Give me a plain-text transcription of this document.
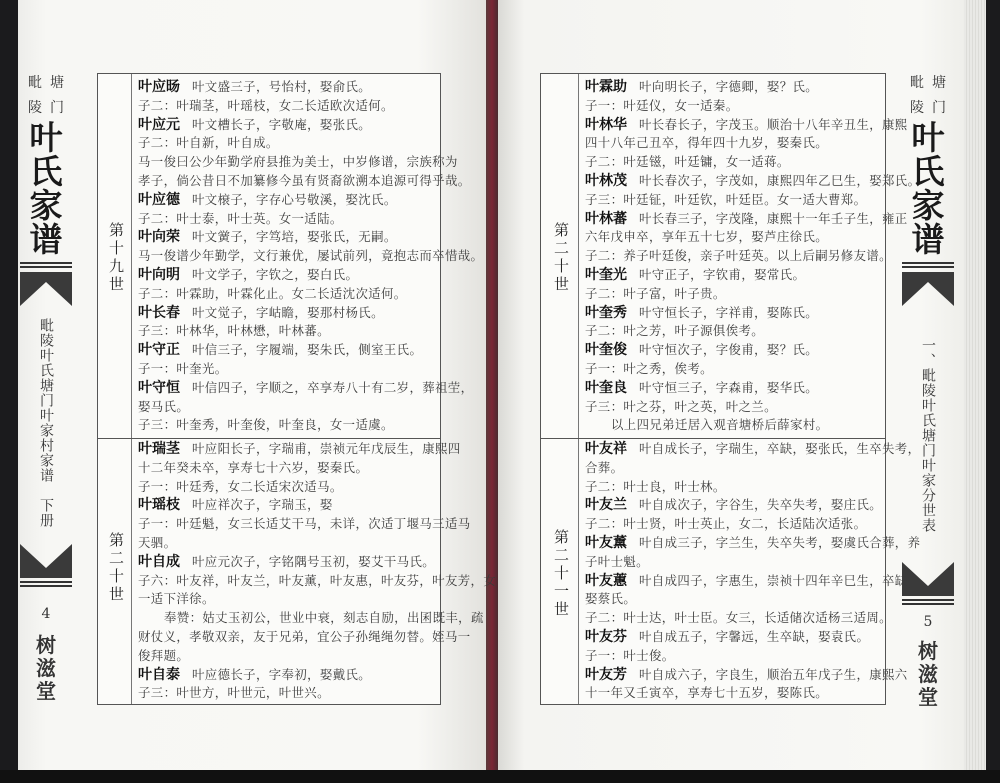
毗塘
陵门
叶
氏
家
谱
毗陵叶氏塘门叶家村家谱　下册
4
树
滋
堂
毗塘
陵门
叶
氏
家
谱
一、毗陵叶氏塘门叶家分世表
5
树
滋
堂
第十九世
第二十世
叶应旸 叶文盛三子，号怡村，娶俞氏。
子二：叶瑞茎，叶瑶枝，女二长适欧次适何。
叶应元 叶文槽长子，字敬庵，娶张氏。
子二：叶自新，叶自成。
马一俊曰公少年勤学府县推为美士，中岁修谱，宗族称为
孝子，倘公昔日不加纂修今虽有贤裔欲溯本追源可得乎哉。
叶应德 叶文榱子，字存心号敬溪，娶沈氏。
子二：叶士泰，叶士英。女一适陆。
叶向荣 叶文黉子，字笃培，娶张氏，无嗣。
马一俊谱少年勤学，文行兼优，屡试前列，竟抱志而卒惜哉。
叶向明 叶文学子，字钦之，娶白氏。
子二：叶霖助，叶霖化止。女二长适沈次适何。
叶长春 叶文觉子，字岵瞻，娶那村杨氏。
子三：叶林华，叶林懋，叶林蕃。
叶守正 叶信三子，字履端，娶朱氏，侧室王氏。
子一：叶奎光。
叶守恒 叶信四子，字顺之，卒享寿八十有二岁，葬祖茔，
娶马氏。
子三：叶奎秀，叶奎俊，叶奎良，女一适虞。
叶瑞茎 叶应阳长子，字瑞甫，崇祯元年戊辰生，康熙四
十二年癸未卒，享寿七十六岁，娶秦氏。
子一：叶廷秀，女二长适宋次适马。
叶瑶枝 叶应祥次子，字瑞玉，娶
子一：叶廷魁，女三长适艾干马，未详，次适丁堰马三适马
天驷。
叶自成 叶应元次子，字铭隅号玉初，娶艾干马氏。
子六：叶友祥，叶友兰，叶友薰，叶友惠，叶友芬，叶友芳，女
一适下洋徐。
奉赞：姑丈玉初公，世业中衰，刻志自励，出囷既丰，疏
财仗义，孝敬双亲，友于兄弟，宜公子孙绳绳勿替。姪马一
俊拜题。
叶自泰 叶应德长子，字奉初，娶戴氏。
子三：叶世方，叶世元，叶世兴。
第二十世
第二十一世
叶霖助 叶向明长子，字德卿，娶？氏。
子一：叶廷仪，女一适秦。
叶林华 叶长春长子，字茂玉。顺治十八年辛丑生，康熙
四十八年己丑卒，得年四十九岁，娶秦氏。
子二：叶廷镃，叶廷镛，女一适蒋。
叶林茂 叶长春次子，字茂如，康熙四年乙巳生，娶郑氏。
子三：叶廷钲，叶廷钦，叶廷臣。女一适大曹郑。
叶林蕃 叶长春三子，字茂隆，康熙十一年壬子生，雍正
六年戊申卒，享年五十七岁，娶芦庄徐氏。
子二：养子叶廷俊，亲子叶廷英。以上后嗣另修友谱。
叶奎光 叶守正子，字钦甫，娶常氏。
子二：叶子富，叶子贵。
叶奎秀 叶守恒长子，字祥甫，娶陈氏。
子二：叶之芳，叶子源俱俟考。
叶奎俊 叶守恒次子，字俊甫，娶？氏。
子一：叶之秀，俟考。
叶奎良 叶守恒三子，字森甫，娶华氏。
子三：叶之芬，叶之英，叶之兰。
以上四兄弟迁居入观音塘桥后薛家村。
叶友祥 叶自成长子，字瑞生，卒缺，娶张氏，生卒失考，
合葬。
子二：叶士良，叶士林。
叶友兰 叶自成次子，字谷生，失卒失考，娶庄氏。
子二：叶士贤，叶士英止，女二，长适陆次适张。
叶友薰 叶自成三子，字兰生，失卒失考，娶虞氏合葬，养
子叶士魁。
叶友蕙 叶自成四子，字惠生，崇祯十四年辛巳生，卒缺，
娶蔡氏。
子二：叶士达，叶士臣。女三，长适储次适杨三适周。
叶友芬 叶自成五子，字馨远，生卒缺，娶袁氏。
子一：叶士俊。
叶友芳 叶自成六子，字良生，顺治五年戊子生，康熙六
十一年又壬寅卒，享寿七十五岁，娶陈氏。
